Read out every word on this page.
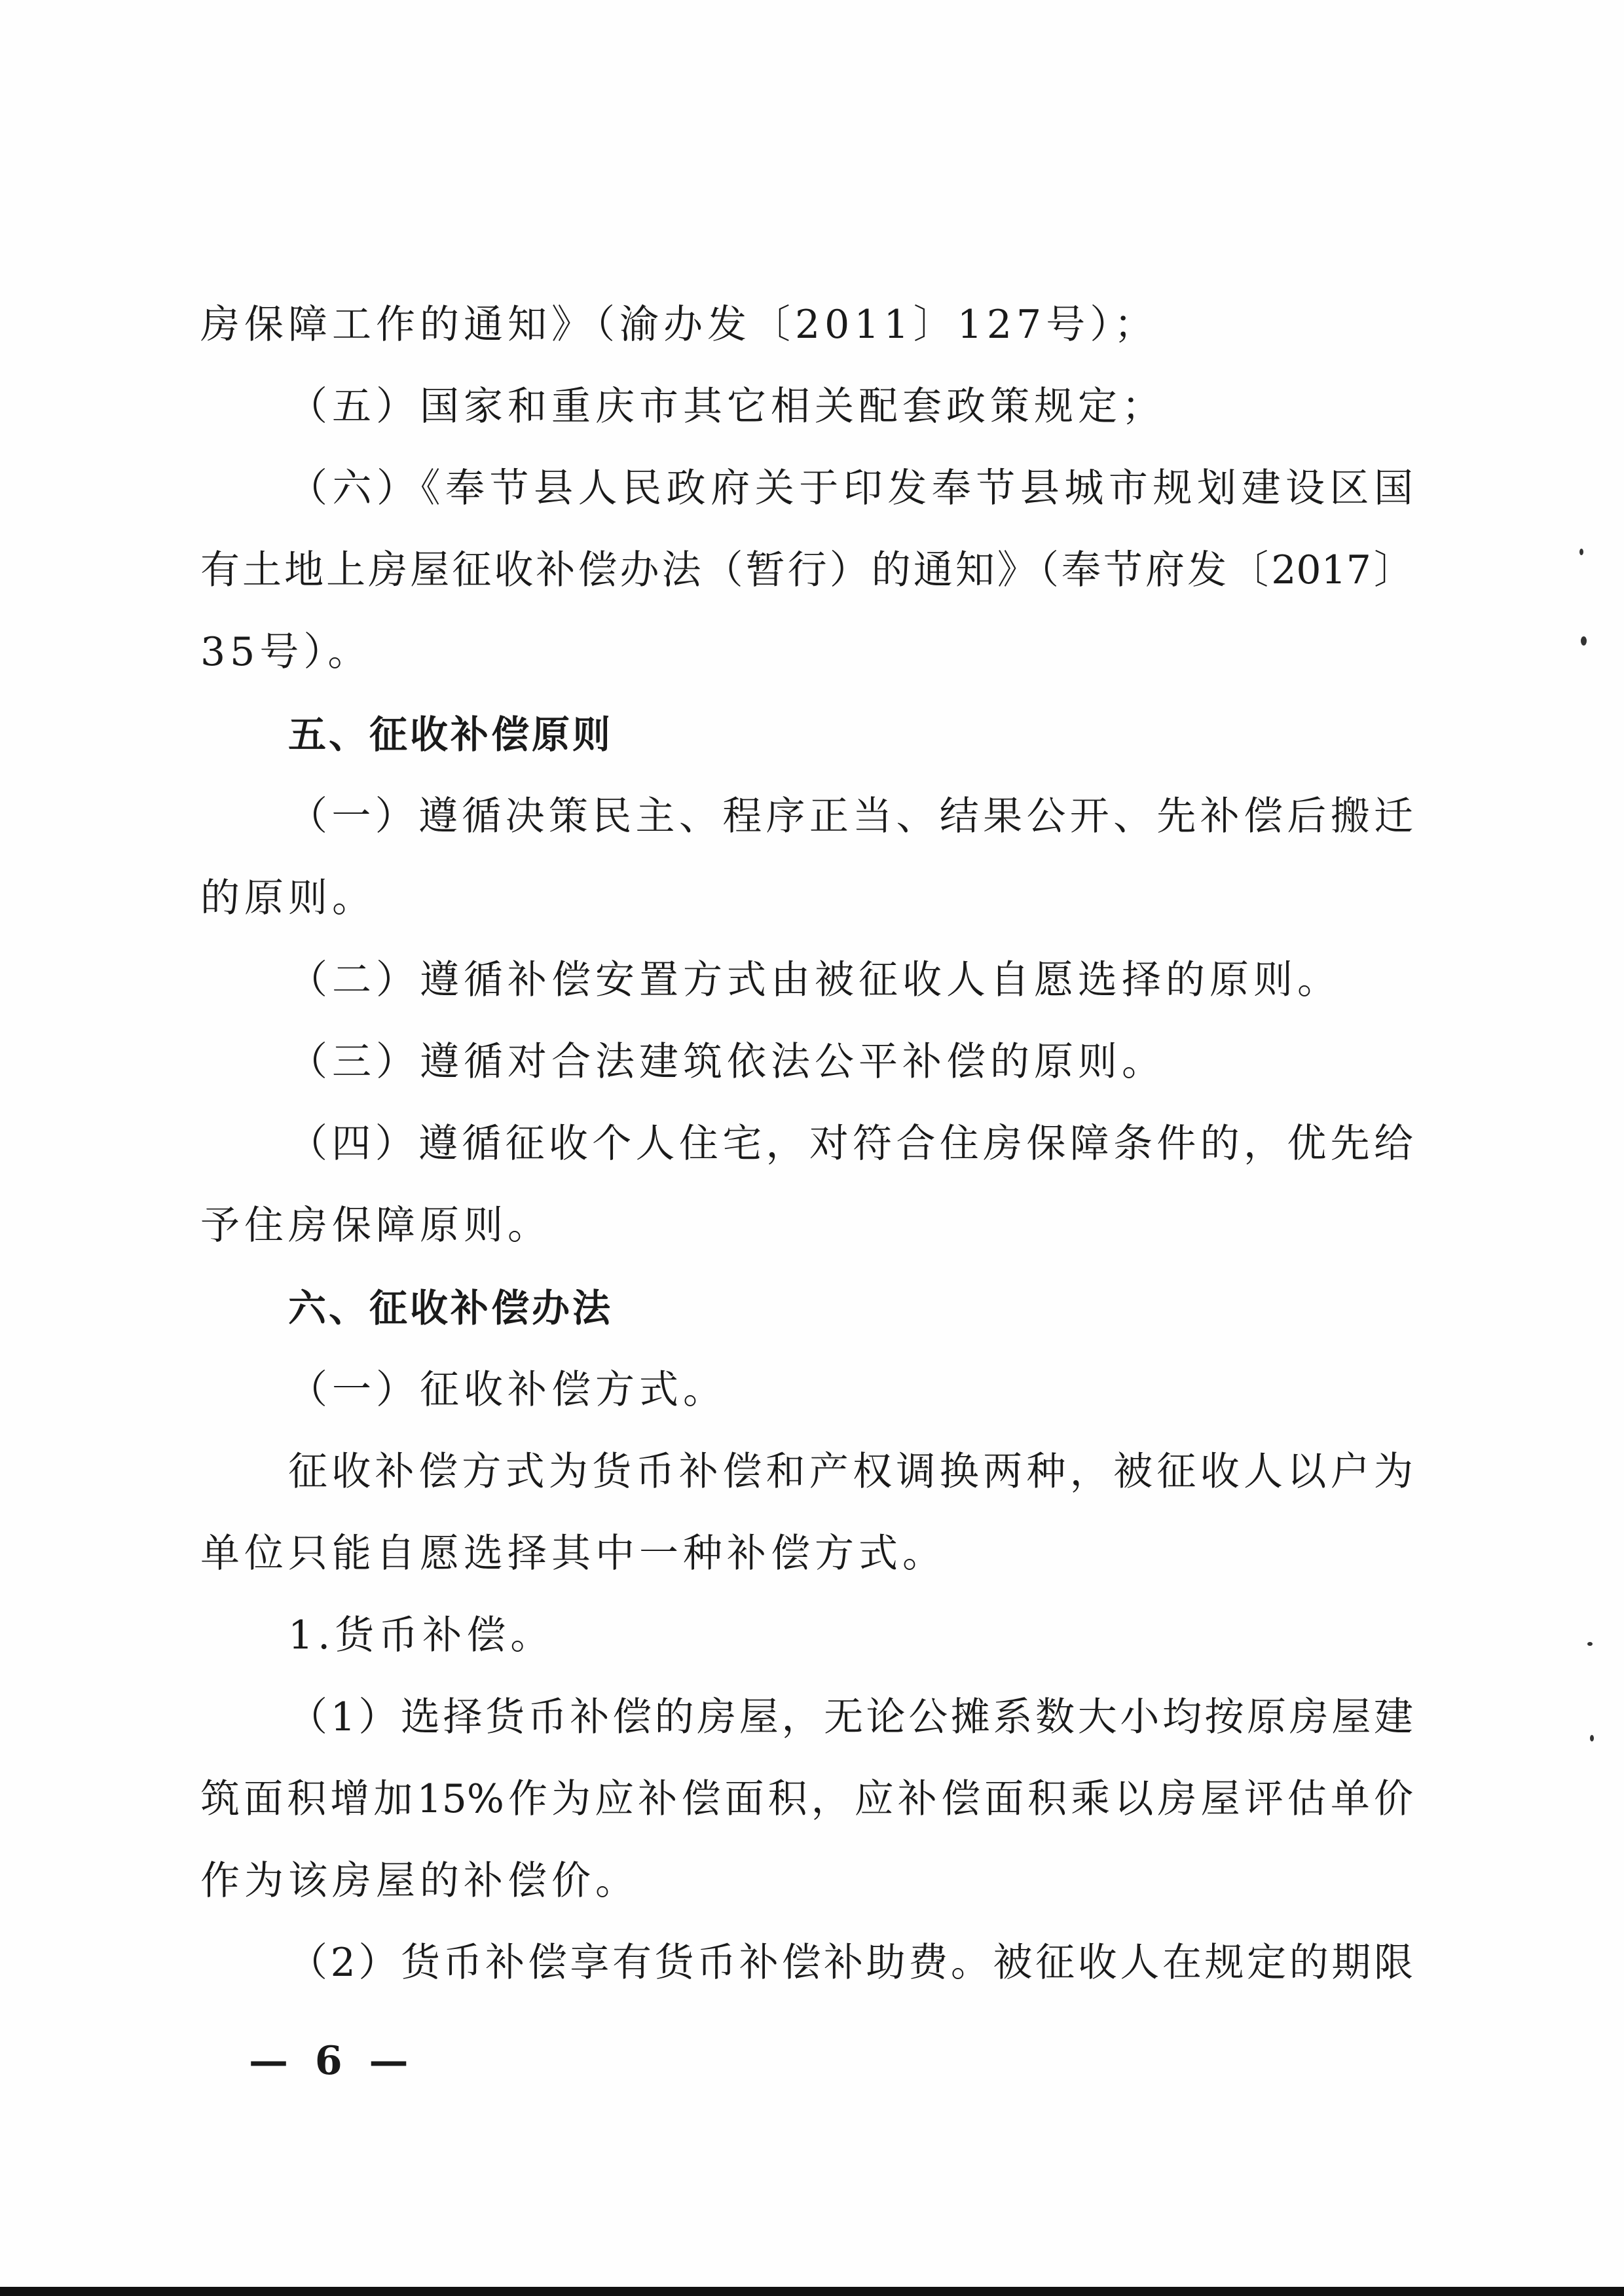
房保障工作的通知》（渝办发〔2011〕127号）；
（五）国家和重庆市其它相关配套政策规定；
（六）《奉节县人民政府关于印发奉节县城市规划建设区国
有土地上房屋征收补偿办法（暂行）的通知》（奉节府发〔2017〕
35号）。
五、征收补偿原则
（一）遵循决策民主、程序正当、结果公开、先补偿后搬迁
的原则。
（二）遵循补偿安置方式由被征收人自愿选择的原则。
（三）遵循对合法建筑依法公平补偿的原则。
（四）遵循征收个人住宅，对符合住房保障条件的，优先给
予住房保障原则。
六、征收补偿办法
（一）征收补偿方式。
征收补偿方式为货币补偿和产权调换两种，被征收人以户为
单位只能自愿选择其中一种补偿方式。
1.货币补偿。
（1）选择货币补偿的房屋，无论公摊系数大小均按原房屋建
筑面积增加15%作为应补偿面积，应补偿面积乘以房屋评估单价
作为该房屋的补偿价。
（2）货币补偿享有货币补偿补助费。被征收人在规定的期限
— 6 —
